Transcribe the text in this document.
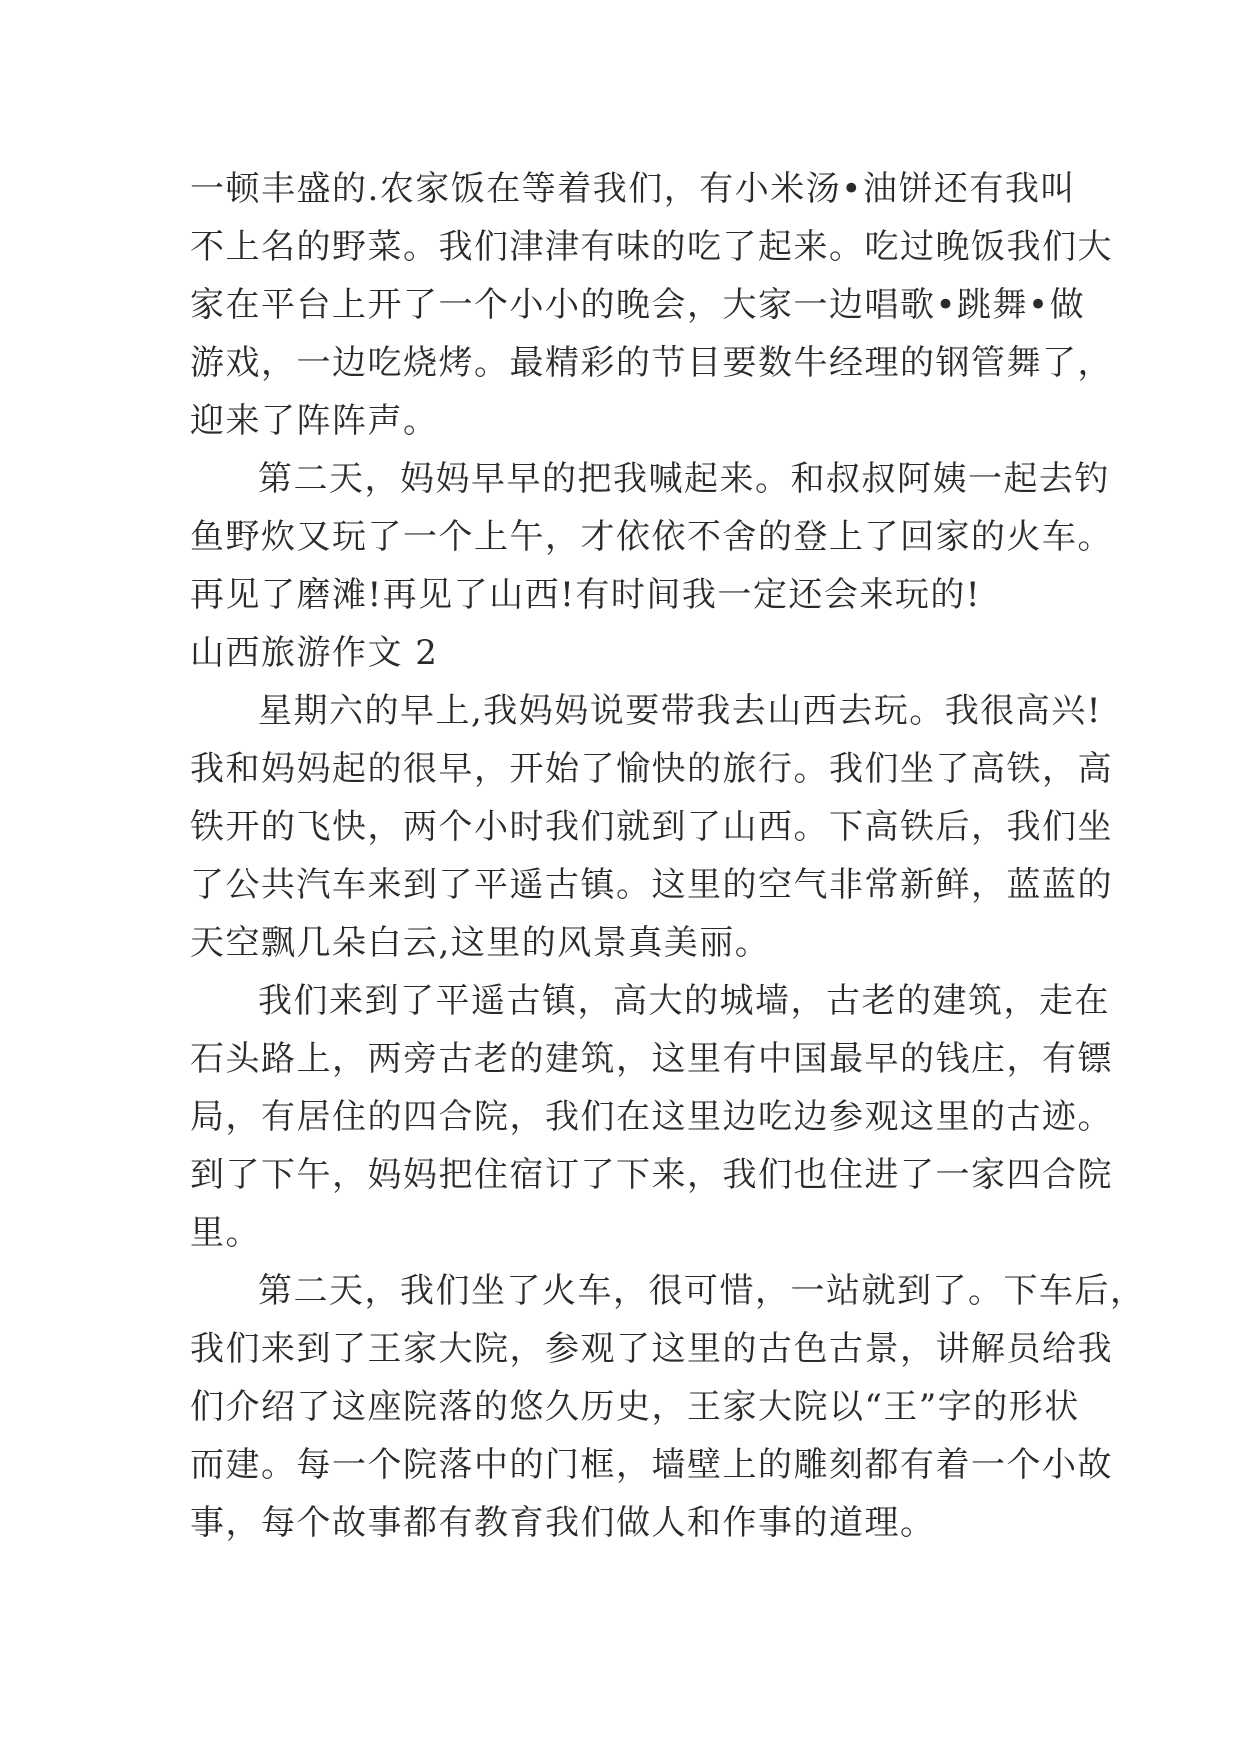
一顿丰盛的.农家饭在等着我们，有小米汤•油饼还有我叫
不上名的野菜。我们津津有味的吃了起来。吃过晚饭我们大
家在平台上开了一个小小的晚会，大家一边唱歌•跳舞•做
游戏，一边吃烧烤。最精彩的节目要数牛经理的钢管舞了，
迎来了阵阵声。
第二天，妈妈早早的把我喊起来。和叔叔阿姨一起去钓
鱼野炊又玩了一个上午，才依依不舍的登上了回家的火车。
再见了磨滩!再见了山西!有时间我一定还会来玩的!
山西旅游作文 2
星期六的早上,我妈妈说要带我去山西去玩。我很高兴!
我和妈妈起的很早，开始了愉快的旅行。我们坐了高铁，高
铁开的飞快，两个小时我们就到了山西。下高铁后，我们坐
了公共汽车来到了平遥古镇。这里的空气非常新鲜，蓝蓝的
天空飘几朵白云,这里的风景真美丽。
我们来到了平遥古镇，高大的城墙，古老的建筑，走在
石头路上，两旁古老的建筑，这里有中国最早的钱庄，有镖
局，有居住的四合院，我们在这里边吃边参观这里的古迹。
到了下午，妈妈把住宿订了下来，我们也住进了一家四合院
里。
第二天，我们坐了火车，很可惜，一站就到了。下车后，
我们来到了王家大院，参观了这里的古色古景，讲解员给我
们介绍了这座院落的悠久历史，王家大院以“王”字的形状
而建。每一个院落中的门框，墙壁上的雕刻都有着一个小故
事，每个故事都有教育我们做人和作事的道理。
